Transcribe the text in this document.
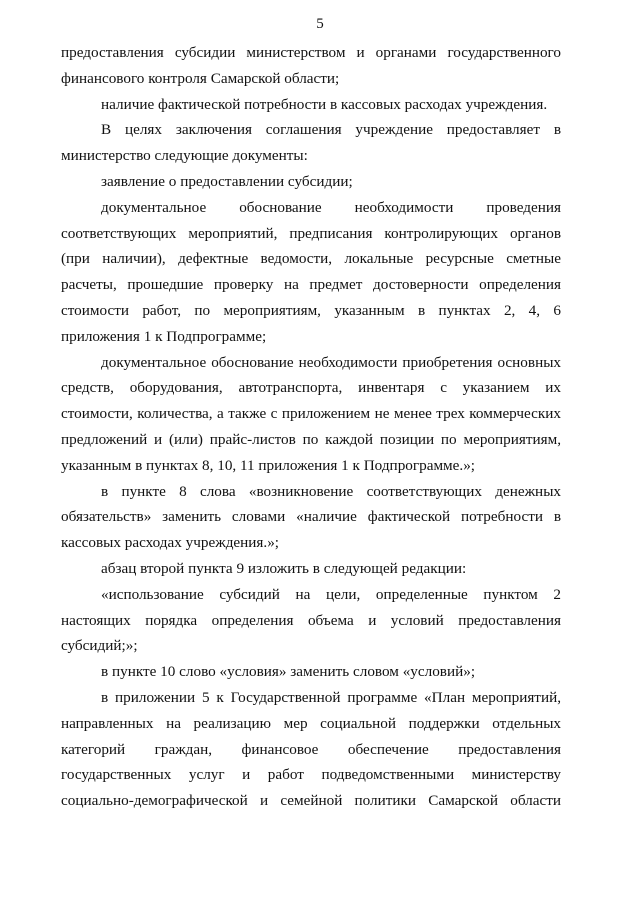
5
предоставления субсидии министерством и органами государственного
финансового контроля Самарской области;
наличие фактической потребности в кассовых расходах учреждения.
В целях заключения соглашения учреждение предоставляет в
министерство следующие документы:
заявление о предоставлении субсидии;
документальное обоснование необходимости проведения
соответствующих мероприятий, предписания контролирующих органов
(при наличии), дефектные ведомости, локальные ресурсные сметные
расчеты, прошедшие проверку на предмет достоверности определения
стоимости работ, по мероприятиям, указанным в пунктах 2, 4, 6
приложения 1 к Подпрограмме;
документальное обоснование необходимости приобретения основных
средств, оборудования, автотранспорта, инвентаря с указанием их
стоимости, количества, а также с приложением не менее трех коммерческих
предложений и (или) прайс-листов по каждой позиции по мероприятиям,
указанным в пунктах 8, 10, 11 приложения 1 к Подпрограмме.»;
в пункте 8 слова «возникновение соответствующих денежных
обязательств» заменить словами «наличие фактической потребности в
кассовых расходах учреждения.»;
абзац второй пункта 9 изложить в следующей редакции:
«использование субсидий на цели, определенные пунктом 2
настоящих порядка определения объема и условий предоставления
субсидий;»;
в пункте 10 слово «условия» заменить словом «условий»;
в приложении 5 к Государственной программе «План мероприятий,
направленных на реализацию мер социальной поддержки отдельных
категорий граждан, финансовое обеспечение предоставления
государственных услуг и работ подведомственными министерству
социально-демографической и семейной политики Самарской области
